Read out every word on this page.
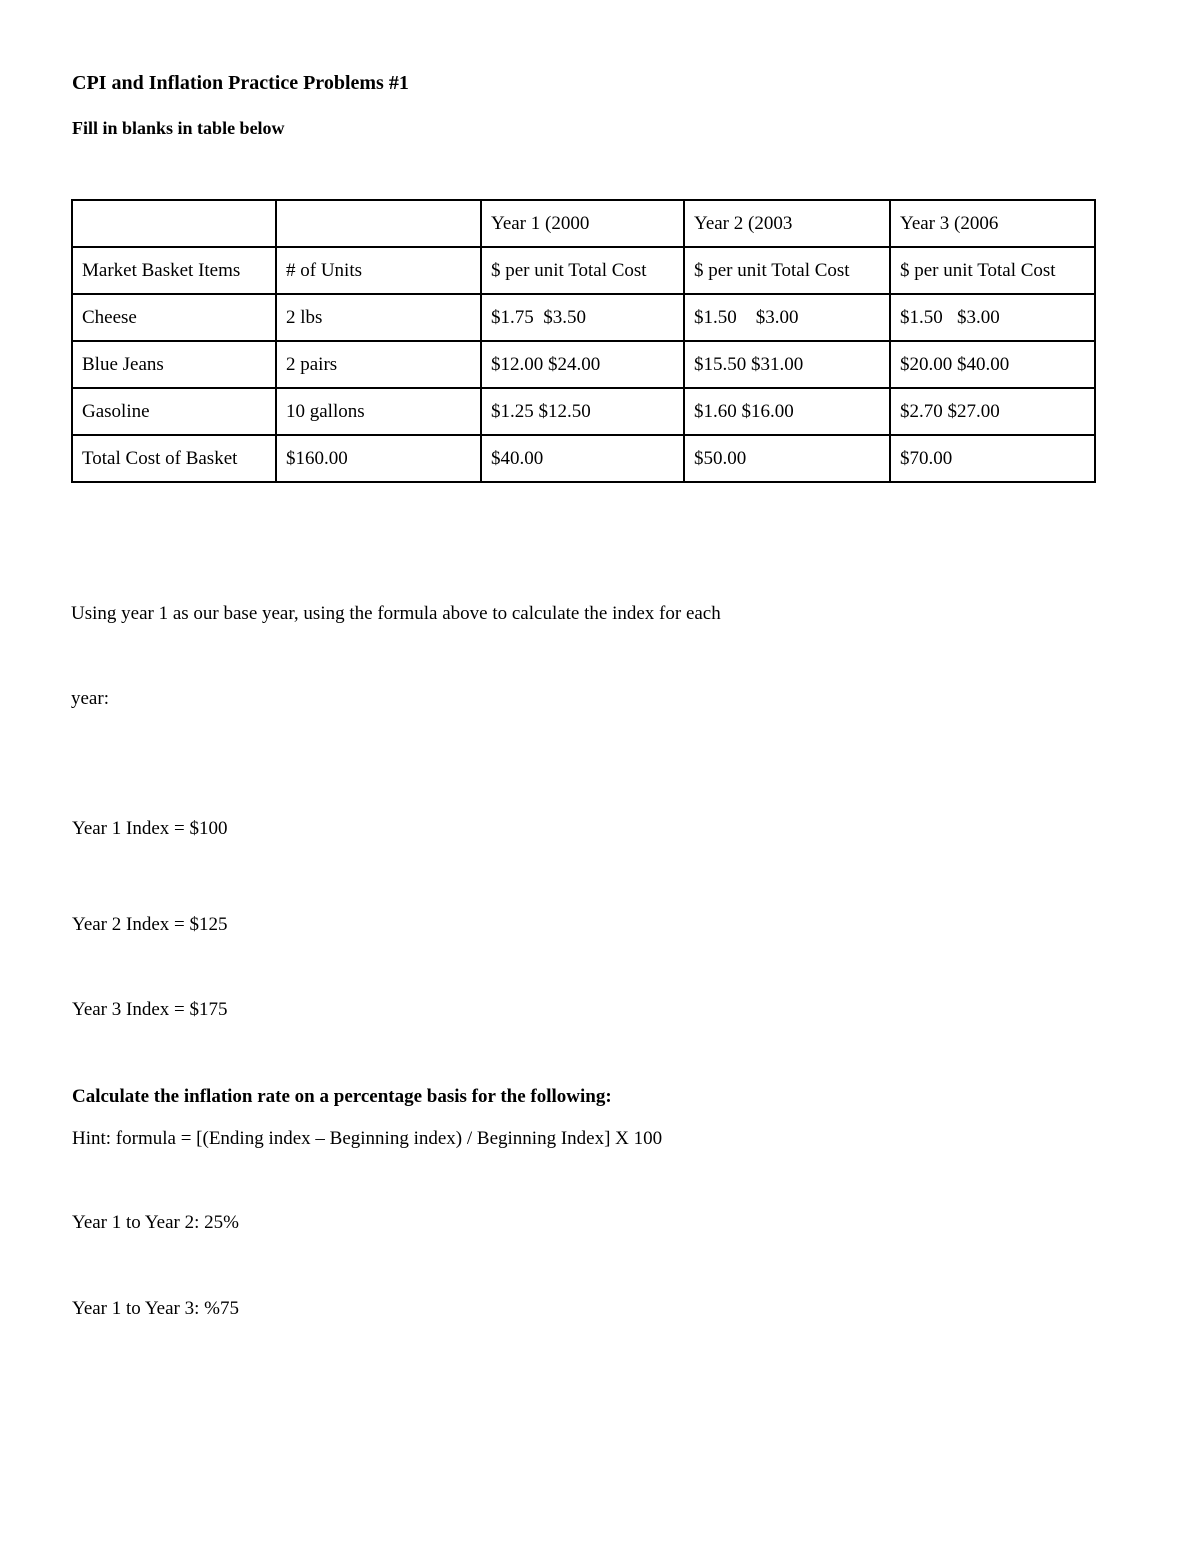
CPI and Inflation Practice Problems #1
Fill in blanks in table below
		Year 1 (2000	Year 2 (2003	Year 3 (2006
Market Basket Items	# of Units	$ per unit Total Cost	$ per unit Total Cost	$ per unit Total Cost
Cheese	2 lbs	$1.75  $3.50	$1.50    $3.00	$1.50   $3.00
Blue Jeans	2 pairs	$12.00 $24.00	$15.50 $31.00	$20.00 $40.00
Gasoline	10 gallons	$1.25 $12.50	$1.60 $16.00	$2.70 $27.00
Total Cost of Basket	$160.00	$40.00	$50.00	$70.00
Using year 1 as our base year, using the formula above to calculate the index for each
year:
Year 1 Index = $100
Year 2 Index = $125
Year 3 Index = $175
Calculate the inflation rate on a percentage basis for the following:
Hint: formula = [(Ending index – Beginning index) / Beginning Index] X 100
Year 1 to Year 2: 25%
Year 1 to Year 3: %75
